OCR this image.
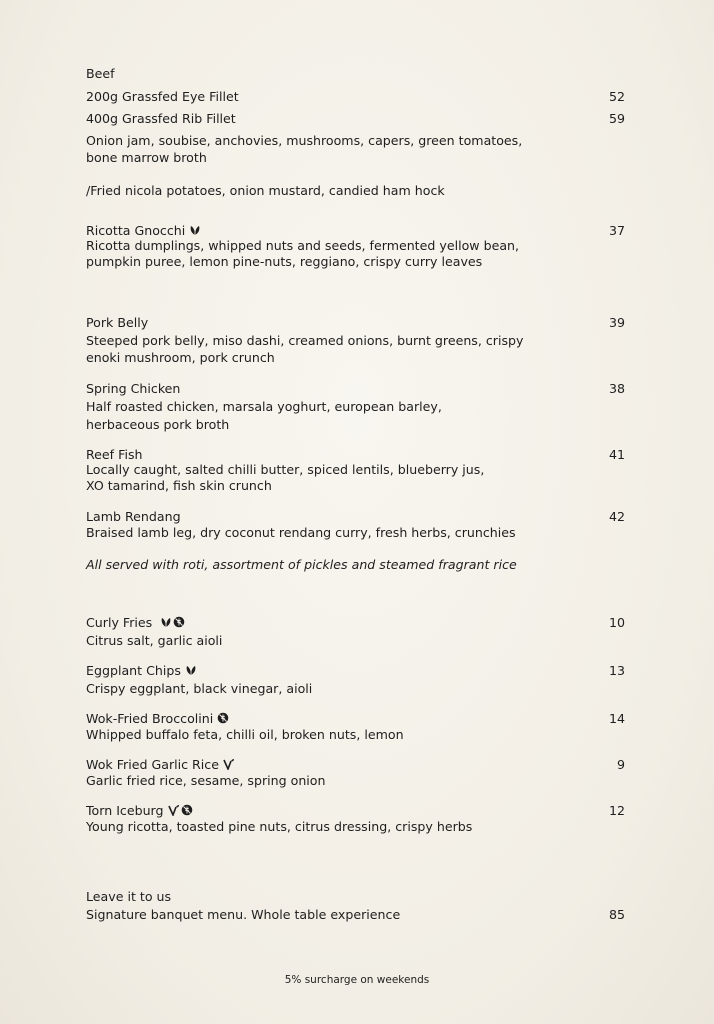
Beef
200g Grassfed Eye Fillet	52
400g Grassfed Rib Fillet	59
Onion jam, soubise, anchovies, mushrooms, capers, green tomatoes,
bone marrow broth
/Fried nicola potatoes, onion mustard, candied ham hock
Ricotta Gnocchi	37
Ricotta dumplings, whipped nuts and seeds, fermented yellow bean,
pumpkin puree, lemon pine-nuts, reggiano, crispy curry leaves
Pork Belly	39
Steeped pork belly, miso dashi, creamed onions, burnt greens, crispy
enoki mushroom, pork crunch
Spring Chicken	38
Half roasted chicken, marsala yoghurt, european barley,
herbaceous pork broth
Reef Fish	41
Locally caught, salted chilli butter, spiced lentils, blueberry jus,
XO tamarind, fish skin crunch
Lamb Rendang	42
Braised lamb leg, dry coconut rendang curry, fresh herbs, crunchies
All served with roti, assortment of pickles and steamed fragrant rice
Curly Fries	10
Citrus salt, garlic aioli
Eggplant Chips	13
Crispy eggplant, black vinegar, aioli
Wok-Fried Broccolini	14
Whipped buffalo feta, chilli oil, broken nuts, lemon
Wok Fried Garlic Rice	9
Garlic fried rice, sesame, spring onion
Torn Iceburg	12
Young ricotta, toasted pine nuts, citrus dressing, crispy herbs
Leave it to us
Signature banquet menu. Whole table experience	85
5% surcharge on weekends
